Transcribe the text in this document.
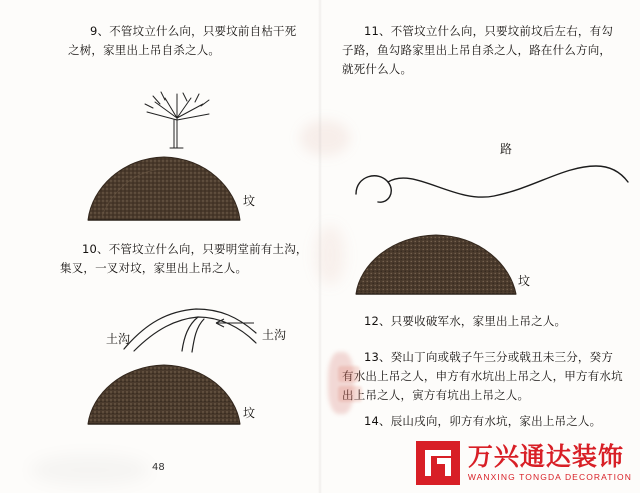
9、不管坟立什么向，只要坟前自枯干死之树，家里出上吊自杀之人。
坟
10、不管坟立什么向，只要明堂前有土沟，集叉，一叉对坟，家里出上吊之人。
土沟	土沟
坟
48
11、不管坟立什么向，只要坟前坟后左右，有勾子路，鱼勾路家里出上吊自杀之人，路在什么方向，就死什么人。
路
坟
12、只要收破军水，家里出上吊之人。
13、癸山丁向或戟子午三分或戟丑未三分，癸方有水出上吊之人，申方有水坑出上吊之人，甲方有水坑出上吊之人，寅方有坑出上吊之人。
14、辰山戌向，卯方有水坑，家出上吊之人。
万兴通达装饰
WANXING TONGDA DECORATION
